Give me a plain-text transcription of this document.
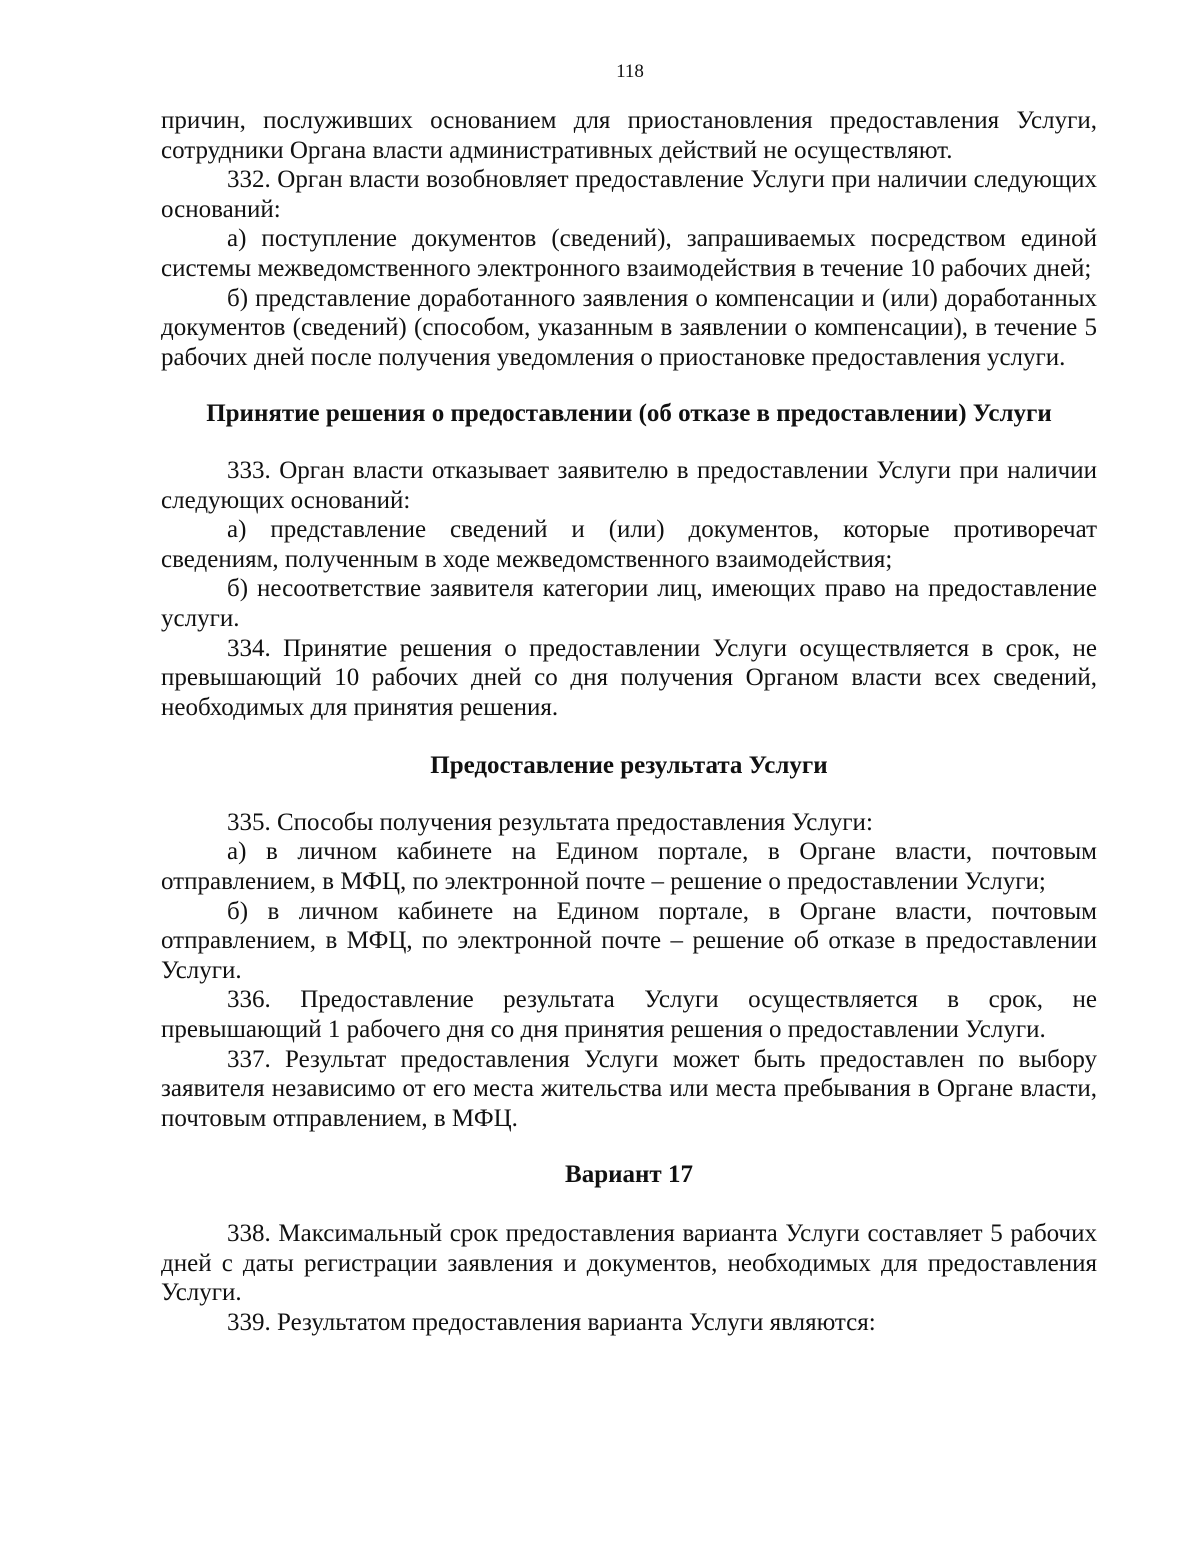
118

причин, послуживших основанием для приостановления предоставления Услуги, сотрудники Органа власти административных действий не осуществляют.

332. Орган власти возобновляет предоставление Услуги при наличии следующих оснований:

а) поступление документов (сведений), запрашиваемых посредством единой системы межведомственного электронного взаимодействия в течение 10 рабочих дней;

б) представление доработанного заявления о компенсации и (или) доработанных документов (сведений) (способом, указанным в заявлении о компенсации), в течение 5 рабочих дней после получения уведомления о приостановке предоставления услуги.

Принятие решения о предоставлении (об отказе в предоставлении) Услуги

333. Орган власти отказывает заявителю в предоставлении Услуги при наличии следующих оснований:

а) представление сведений и (или) документов, которые противоречат сведениям, полученным в ходе межведомственного взаимодействия;

б) несоответствие заявителя категории лиц, имеющих право на предоставление услуги.

334. Принятие решения о предоставлении Услуги осуществляется в срок, не превышающий 10 рабочих дней со дня получения Органом власти всех сведений, необходимых для принятия решения.

Предоставление результата Услуги

335. Способы получения результата предоставления Услуги:

а) в личном кабинете на Едином портале, в Органе власти, почтовым отправлением, в МФЦ, по электронной почте – решение о предоставлении Услуги;

б) в личном кабинете на Едином портале, в Органе власти, почтовым отправлением, в МФЦ, по электронной почте – решение об отказе в предоставлении Услуги.

336. Предоставление результата Услуги осуществляется в срок, не превышающий 1 рабочего дня со дня принятия решения о предоставлении Услуги.

337. Результат предоставления Услуги может быть предоставлен по выбору заявителя независимо от его места жительства или места пребывания в Органе власти, почтовым отправлением, в МФЦ.

Вариант 17

338. Максимальный срок предоставления варианта Услуги составляет 5 рабочих дней с даты регистрации заявления и документов, необходимых для предоставления Услуги.

339. Результатом предоставления варианта Услуги являются:
